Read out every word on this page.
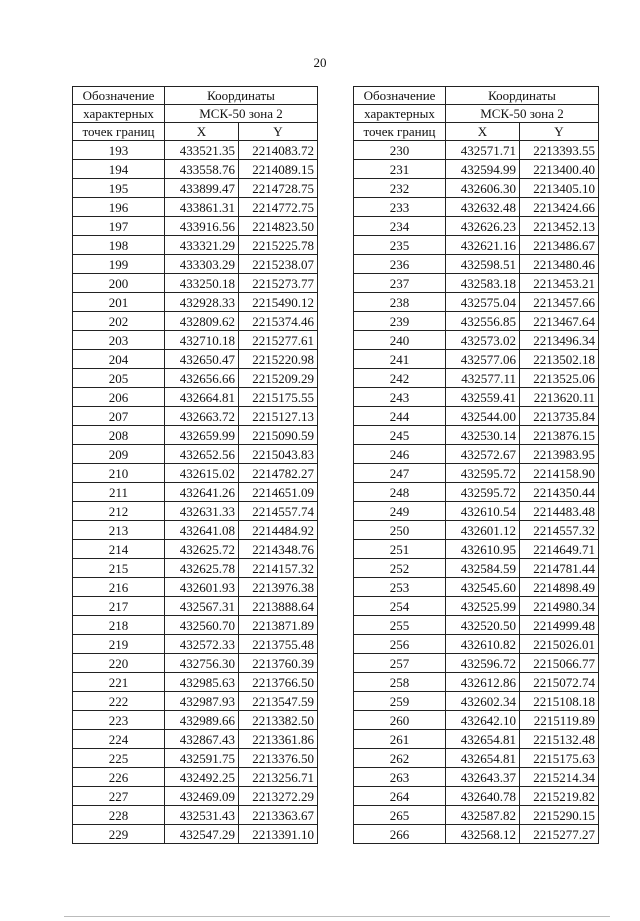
20
Обозначение	Координаты	
характерных	МСК-50 зона 2	
точек границ	X	Y
193	433521.35	2214083.72
194	433558.76	2214089.15
195	433899.47	2214728.75
196	433861.31	2214772.75
197	433916.56	2214823.50
198	433321.29	2215225.78
199	433303.29	2215238.07
200	433250.18	2215273.77
201	432928.33	2215490.12
202	432809.62	2215374.46
203	432710.18	2215277.61
204	432650.47	2215220.98
205	432656.66	2215209.29
206	432664.81	2215175.55
207	432663.72	2215127.13
208	432659.99	2215090.59
209	432652.56	2215043.83
210	432615.02	2214782.27
211	432641.26	2214651.09
212	432631.33	2214557.74
213	432641.08	2214484.92
214	432625.72	2214348.76
215	432625.78	2214157.32
216	432601.93	2213976.38
217	432567.31	2213888.64
218	432560.70	2213871.89
219	432572.33	2213755.48
220	432756.30	2213760.39
221	432985.63	2213766.50
222	432987.93	2213547.59
223	432989.66	2213382.50
224	432867.43	2213361.86
225	432591.75	2213376.50
226	432492.25	2213256.71
227	432469.09	2213272.29
228	432531.43	2213363.67
229	432547.29	2213391.10
Обозначение	Координаты	
характерных	МСК-50 зона 2	
точек границ	X	Y
230	432571.71	2213393.55
231	432594.99	2213400.40
232	432606.30	2213405.10
233	432632.48	2213424.66
234	432626.23	2213452.13
235	432621.16	2213486.67
236	432598.51	2213480.46
237	432583.18	2213453.21
238	432575.04	2213457.66
239	432556.85	2213467.64
240	432573.02	2213496.34
241	432577.06	2213502.18
242	432577.11	2213525.06
243	432559.41	2213620.11
244	432544.00	2213735.84
245	432530.14	2213876.15
246	432572.67	2213983.95
247	432595.72	2214158.90
248	432595.72	2214350.44
249	432610.54	2214483.48
250	432601.12	2214557.32
251	432610.95	2214649.71
252	432584.59	2214781.44
253	432545.60	2214898.49
254	432525.99	2214980.34
255	432520.50	2214999.48
256	432610.82	2215026.01
257	432596.72	2215066.77
258	432612.86	2215072.74
259	432602.34	2215108.18
260	432642.10	2215119.89
261	432654.81	2215132.48
262	432654.81	2215175.63
263	432643.37	2215214.34
264	432640.78	2215219.82
265	432587.82	2215290.15
266	432568.12	2215277.27
